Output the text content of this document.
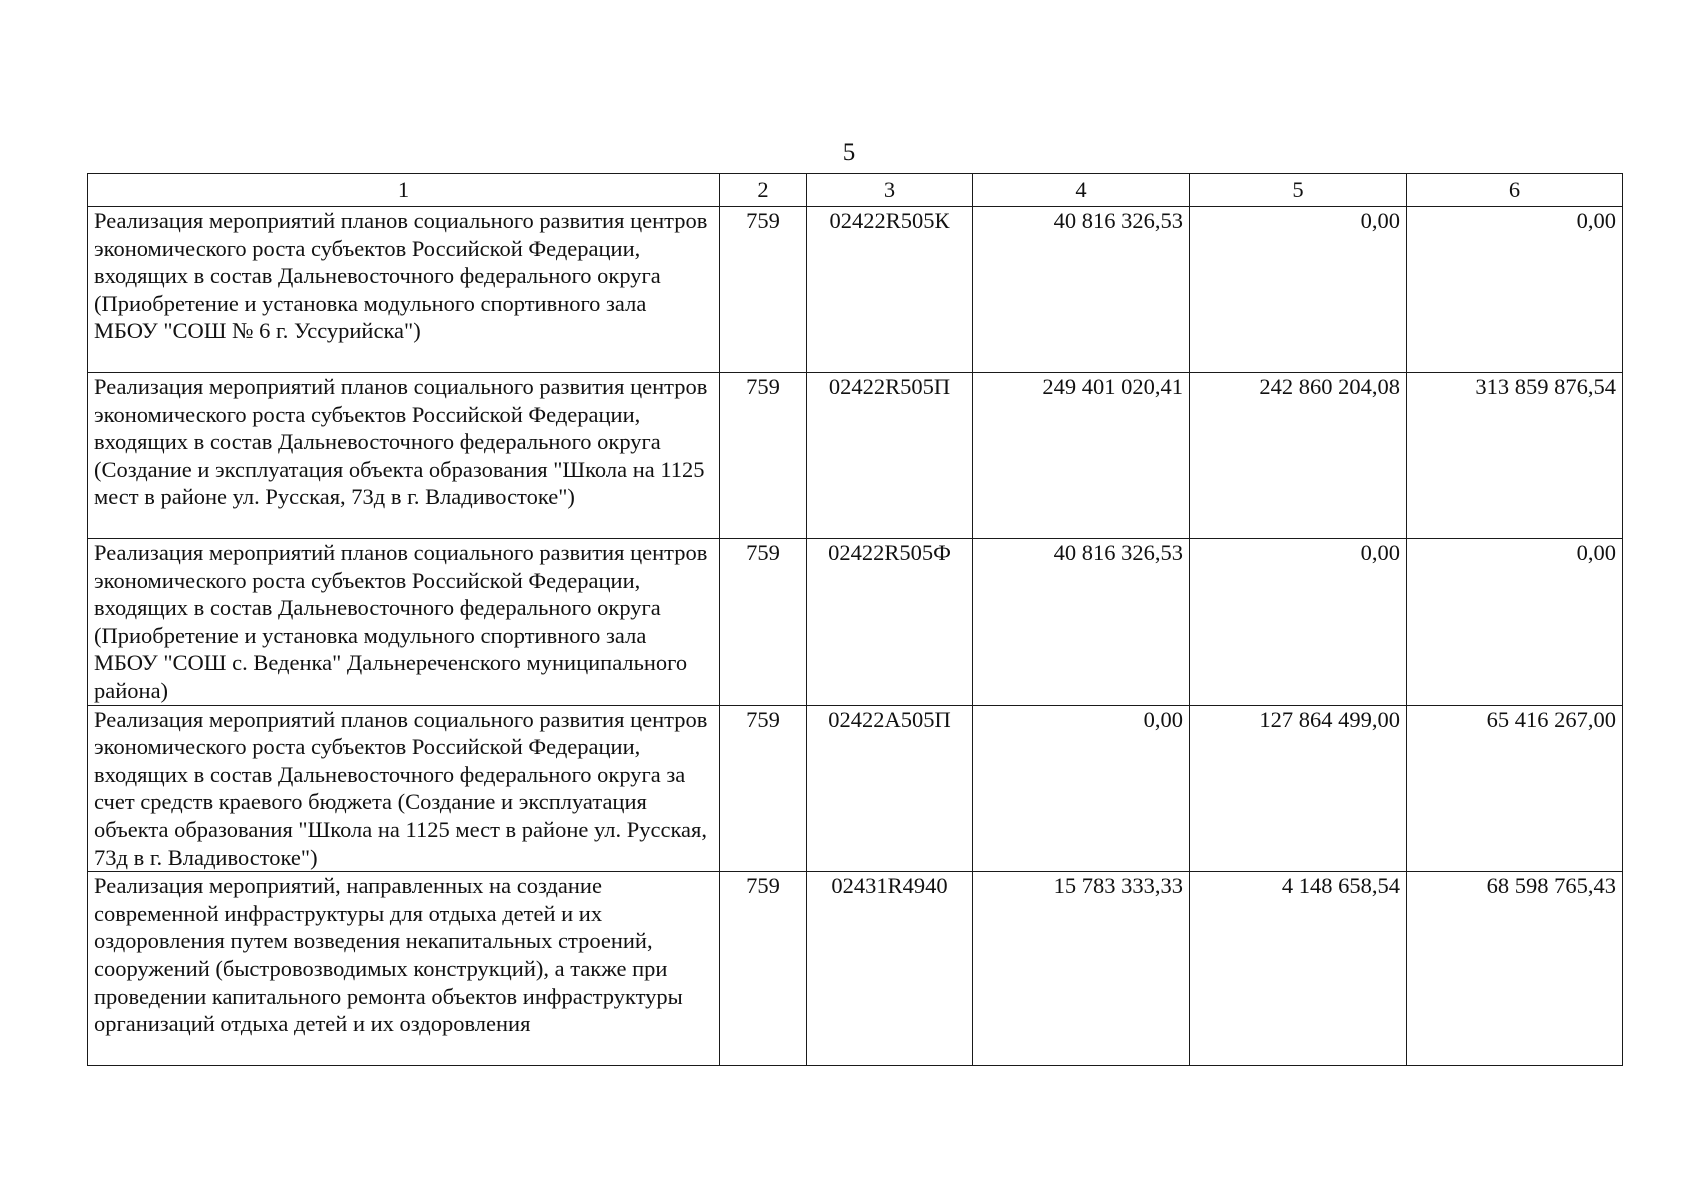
5
1	2	3	4	5	6
Реализация мероприятий планов социального развития центров экономического роста субъектов Российской Федерации, входящих в состав Дальневосточного федерального округа (Приобретение и установка модульного спортивного зала МБОУ "СОШ № 6 г. Уссурийска")	759	02422R505К	40 816 326,53	0,00	0,00
Реализация мероприятий планов социального развития центров экономического роста субъектов Российской Федерации, входящих в состав Дальневосточного федерального округа (Создание и эксплуатация объекта образования "Школа на 1125 мест в районе ул. Русская, 73д в г. Владивостоке")	759	02422R505П	249 401 020,41	242 860 204,08	313 859 876,54
Реализация мероприятий планов социального развития центров экономического роста субъектов Российской Федерации, входящих в состав Дальневосточного федерального округа (Приобретение и установка модульного спортивного зала МБОУ "СОШ с. Веденка" Дальнереченского муниципального района)	759	02422R505Ф	40 816 326,53	0,00	0,00
Реализация мероприятий планов социального развития центров экономического роста субъектов Российской Федерации, входящих в состав Дальневосточного федерального округа за счет средств краевого бюджета (Создание и эксплуатация объекта образования "Школа на 1125 мест в районе ул. Русская, 73д в г. Владивостоке")	759	02422А505П	0,00	127 864 499,00	65 416 267,00
Реализация мероприятий, направленных на создание современной инфраструктуры для отдыха детей и их оздоровления путем возведения некапитальных строений, сооружений (быстровозводимых конструкций), а также при проведении капитального ремонта объектов инфраструктуры организаций отдыха детей и их оздоровления	759	02431R4940	15 783 333,33	4 148 658,54	68 598 765,43
